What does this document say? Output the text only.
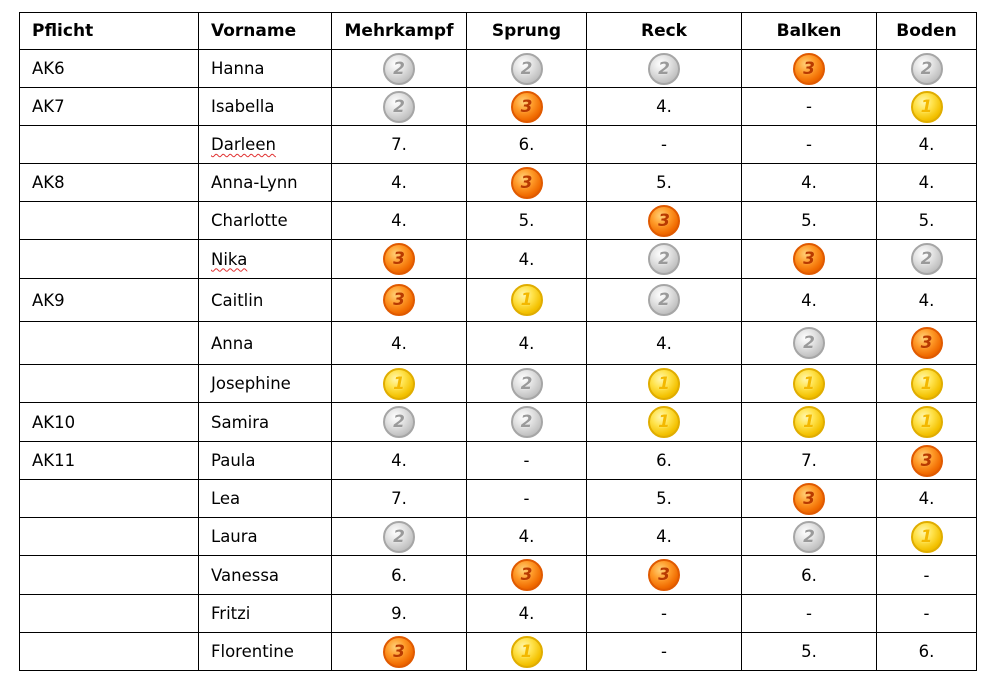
Pflicht	Vorname	Mehrkampf	Sprung	Reck	Balken	Boden
AK6	Hanna	2	2	2	3	2

AK7	Isabella	2	3	4.	-	1

	Darleen	7.	6.	-	-	4.
AK8	Anna-Lynn	4.	3	5.	4.	4.
	Charlotte	4.	5.	3	5.	5.
	Nika	3	4.	2	3	2

AK9	Caitlin	3	1	2	4.	4.
	Anna	4.	4.	4.	2	3

	Josephine	1	2	1	1	1

AK10	Samira	2	2	1	1	1

AK11	Paula	4.	-	6.	7.	3

	Lea	7.	-	5.	3	4.
	Laura	2	4.	4.	2	1

	Vanessa	6.	3	3	6.	-
	Fritzi	9.	4.	-	-	-
	Florentine	3	1	-	5.	6.
